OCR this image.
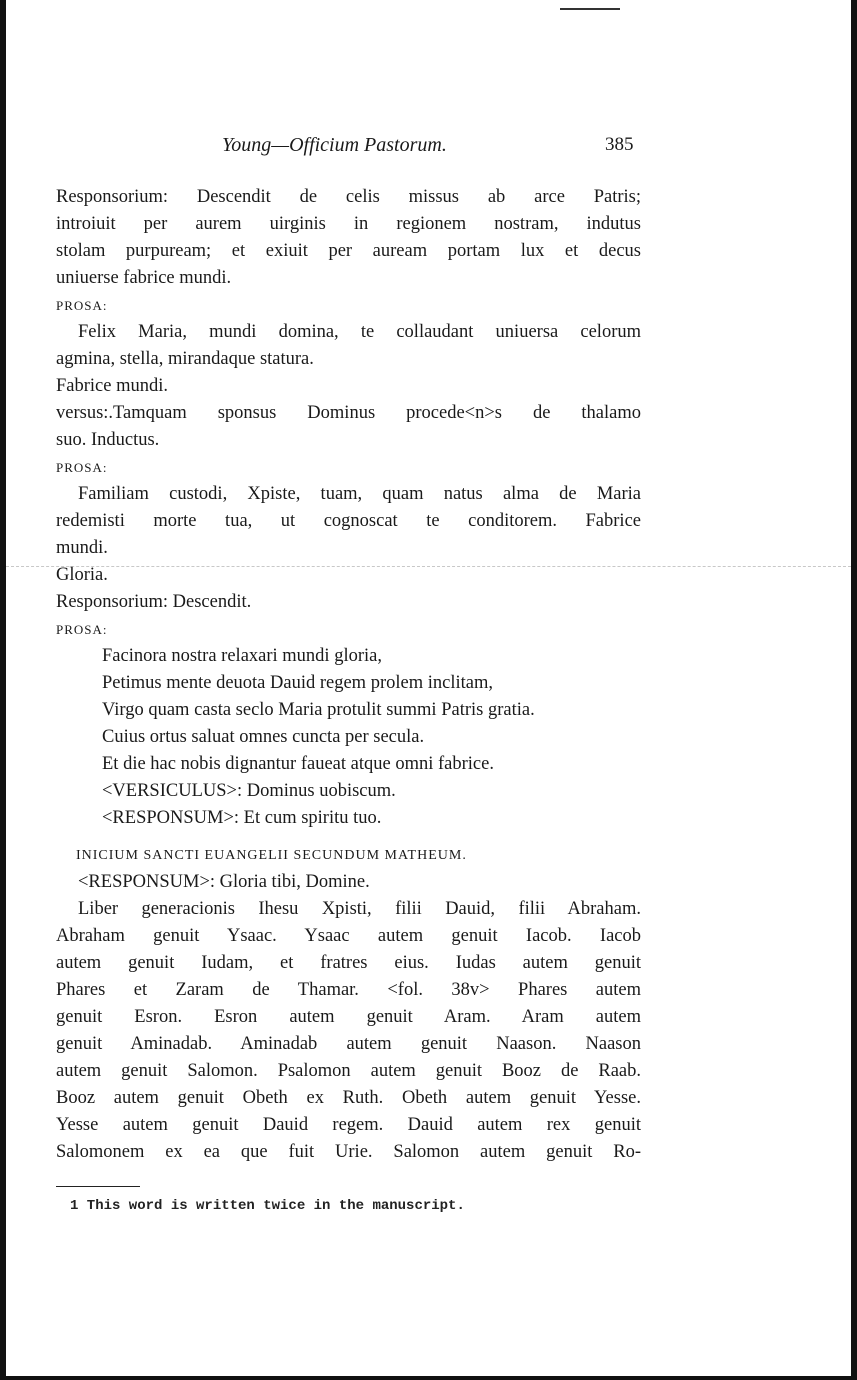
Young—Officium Pastorum.	385
Responsorium: Descendit de celis missus ab arce Patris;
introiuit per aurem uirginis in regionem nostram, indutus
stolam purpuream; et exiuit per auream portam lux et decus
uniuerse fabrice mundi.
PROSA:
Felix Maria, mundi domina, te collaudant uniuersa celorum
agmina, stella, mirandaque statura.
Fabrice mundi.
versus:.Tamquam sponsus Dominus procede<n>s de thalamo
suo. Inductus.
PROSA:
Familiam custodi, Xpiste, tuam, quam natus alma de Maria
redemisti morte tua, ut cognoscat te conditorem. Fabrice
mundi.
Gloria.
Responsorium: Descendit.
PROSA:
Facinora nostra relaxari mundi gloria,
Petimus mente deuota Dauid regem prolem inclitam,
Virgo quam casta seclo Maria protulit summi Patris gratia.
Cuius ortus saluat omnes cuncta per secula.
Et die hac nobis dignantur faueat atque omni fabrice.
<VERSICULUS>: Dominus uobiscum.
<RESPONSUM>: Et cum spiritu tuo.
INICIUM SANCTI EUANGELII SECUNDUM MATHEUM.
<RESPONSUM>: Gloria tibi, Domine.
Liber generacionis Ihesu Xpisti, filii Dauid, filii Abraham.
Abraham genuit Ysaac. Ysaac autem genuit Iacob. Iacob
autem genuit Iudam, et fratres eius. Iudas autem genuit
Phares et Zaram de Thamar. <fol. 38v> Phares autem
genuit Esron. Esron autem genuit Aram. Aram autem
genuit Aminadab. Aminadab autem genuit Naason. Naason
autem genuit Salomon. Psalomon autem genuit Booz de Raab.
Booz autem genuit Obeth ex Ruth. Obeth autem genuit Yesse.
Yesse autem genuit Dauid regem. Dauid autem rex genuit
Salomonem ex ea que fuit Urie. Salomon autem genuit Ro-
1 This word is written twice in the manuscript.
